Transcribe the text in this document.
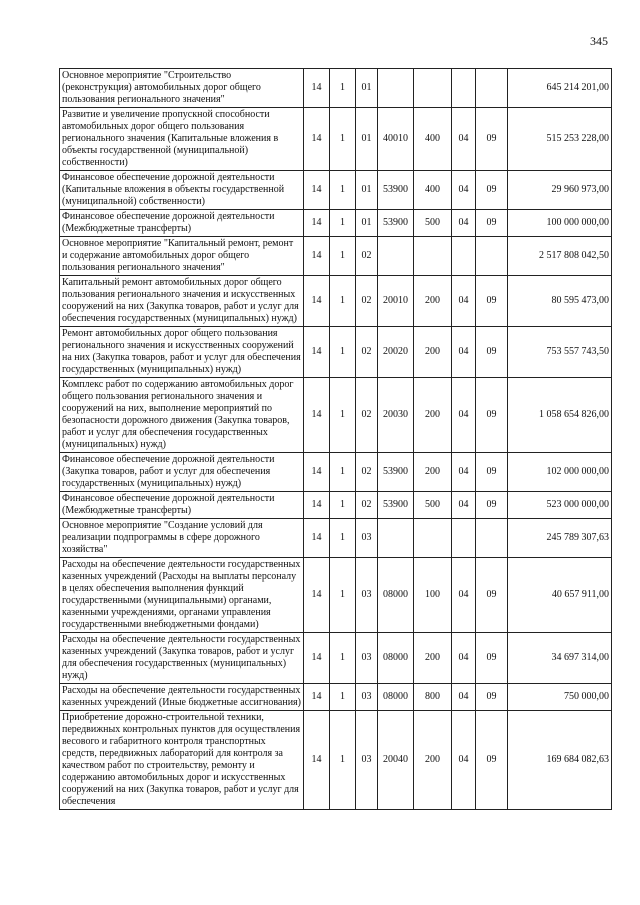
345
Основное мероприятие "Строительство (реконструкция) автомобильных дорог общего пользования регионального значения"	14	1	01					645 214 201,00
Развитие и увеличение пропускной способности автомобильных дорог общего пользования регионального значения (Капитальные вложения в объекты государственной (муниципальной) собственности)	14	1	01	40010	400	04	09	515 253 228,00
Финансовое обеспечение дорожной деятельности (Капитальные вложения в объекты государственной (муниципальной) собственности)	14	1	01	53900	400	04	09	29 960 973,00
Финансовое обеспечение дорожной деятельности (Межбюджетные трансферты)	14	1	01	53900	500	04	09	100 000 000,00
Основное мероприятие "Капитальный ремонт, ремонт и содержание автомобильных дорог общего пользования регионального значения"	14	1	02					2 517 808 042,50
Капитальный ремонт автомобильных дорог общего пользования регионального значения и искусственных сооружений на них (Закупка товаров, работ и услуг для обеспечения государственных (муниципальных) нужд)	14	1	02	20010	200	04	09	80 595 473,00
Ремонт автомобильных дорог общего пользования регионального значения и искусственных сооружений на них (Закупка товаров, работ и услуг для обеспечения государственных (муниципальных) нужд)	14	1	02	20020	200	04	09	753 557 743,50
Комплекс работ по содержанию автомобильных дорог общего пользования регионального значения и сооружений на них, выполнение мероприятий по безопасности дорожного движения (Закупка товаров, работ и услуг для обеспечения государственных (муниципальных) нужд)	14	1	02	20030	200	04	09	1 058 654 826,00
Финансовое обеспечение дорожной деятельности (Закупка товаров, работ и услуг для обеспечения государственных (муниципальных) нужд)	14	1	02	53900	200	04	09	102 000 000,00
Финансовое обеспечение дорожной деятельности (Межбюджетные трансферты)	14	1	02	53900	500	04	09	523 000 000,00
Основное мероприятие "Создание условий для реализации подпрограммы в сфере дорожного хозяйства"	14	1	03					245 789 307,63
Расходы на обеспечение деятельности государственных казенных учреждений (Расходы на выплаты персоналу в целях обеспечения выполнения функций государственными (муниципальными) органами, казенными учреждениями, органами управления государственными внебюджетными фондами)	14	1	03	08000	100	04	09	40 657 911,00
Расходы на обеспечение деятельности государственных казенных учреждений (Закупка товаров, работ и услуг для обеспечения государственных (муниципальных) нужд)	14	1	03	08000	200	04	09	34 697 314,00
Расходы на обеспечение деятельности государственных казенных учреждений (Иные бюджетные ассигнования)	14	1	03	08000	800	04	09	750 000,00
Приобретение дорожно-строительной техники, передвижных контрольных пунктов для осуществления весового и габаритного контроля транспортных средств, передвижных лабораторий для контроля за качеством работ по строительству, ремонту и содержанию автомобильных дорог и искусственных сооружений на них (Закупка товаров, работ и услуг для обеспечения	14	1	03	20040	200	04	09	169 684 082,63
